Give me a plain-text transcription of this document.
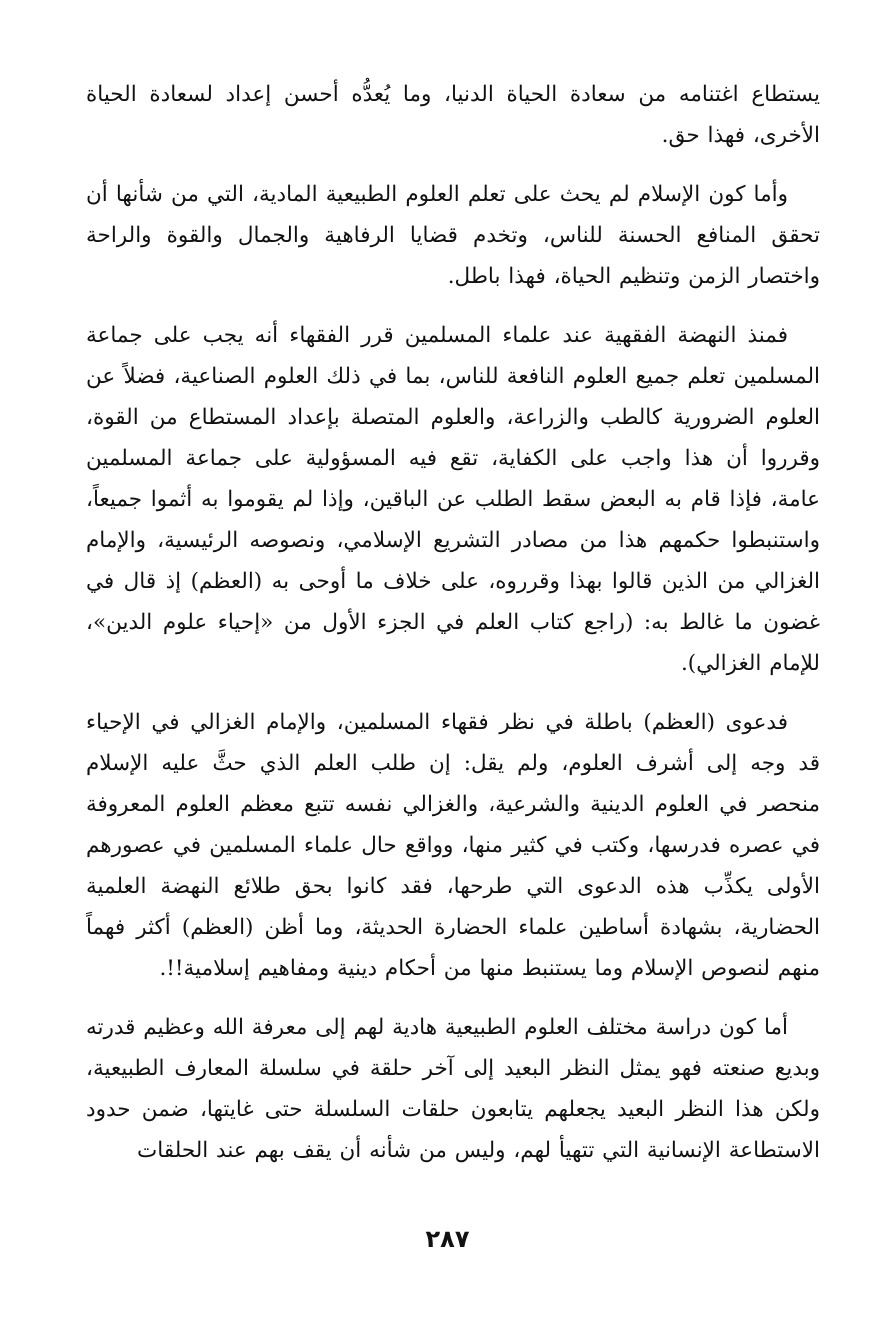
يستطاع اغتنامه من سعادة الحياة الدنيا، وما يُعدُّه أحسن إعداد لسعادة الحياة الأخرى، فهذا حق.

وأما كون الإسلام لم يحث على تعلم العلوم الطبيعية المادية، التي من شأنها أن تحقق المنافع الحسنة للناس، وتخدم قضايا الرفاهية والجمال والقوة والراحة واختصار الزمن وتنظيم الحياة، فهذا باطل.

فمنذ النهضة الفقهية عند علماء المسلمين قرر الفقهاء أنه يجب على جماعة المسلمين تعلم جميع العلوم النافعة للناس، بما في ذلك العلوم الصناعية، فضلاً عن العلوم الضرورية كالطب والزراعة، والعلوم المتصلة بإعداد المستطاع من القوة، وقرروا أن هذا واجب على الكفاية، تقع فيه المسؤولية على جماعة المسلمين عامة، فإذا قام به البعض سقط الطلب عن الباقين، وإذا لم يقوموا به أثموا جميعاً، واستنبطوا حكمهم هذا من مصادر التشريع الإسلامي، ونصوصه الرئيسية، والإمام الغزالي من الذين قالوا بهذا وقرروه، على خلاف ما أوحى به (العظم) إذ قال في غضون ما غالط به: (راجع كتاب العلم في الجزء الأول من «إحياء علوم الدين»، للإمام الغزالي).

فدعوى (العظم) باطلة في نظر فقهاء المسلمين، والإمام الغزالي في الإحياء قد وجه إلى أشرف العلوم، ولم يقل: إن طلب العلم الذي حثَّ عليه الإسلام منحصر في العلوم الدينية والشرعية، والغزالي نفسه تتبع معظم العلوم المعروفة في عصره فدرسها، وكتب في كثير منها، وواقع حال علماء المسلمين في عصورهم الأولى يكذِّب هذه الدعوى التي طرحها، فقد كانوا بحق طلائع النهضة العلمية الحضارية، بشهادة أساطين علماء الحضارة الحديثة، وما أظن (العظم) أكثر فهماً منهم لنصوص الإسلام وما يستنبط منها من أحكام دينية ومفاهيم إسلامية!!.

أما كون دراسة مختلف العلوم الطبيعية هادية لهم إلى معرفة الله وعظيم قدرته وبديع صنعته فهو يمثل النظر البعيد إلى آخر حلقة في سلسلة المعارف الطبيعية، ولكن هذا النظر البعيد يجعلهم يتابعون حلقات السلسلة حتى غايتها، ضمن حدود الاستطاعة الإنسانية التي تتهيأ لهم، وليس من شأنه أن يقف بهم عند الحلقات

٢٨٧
